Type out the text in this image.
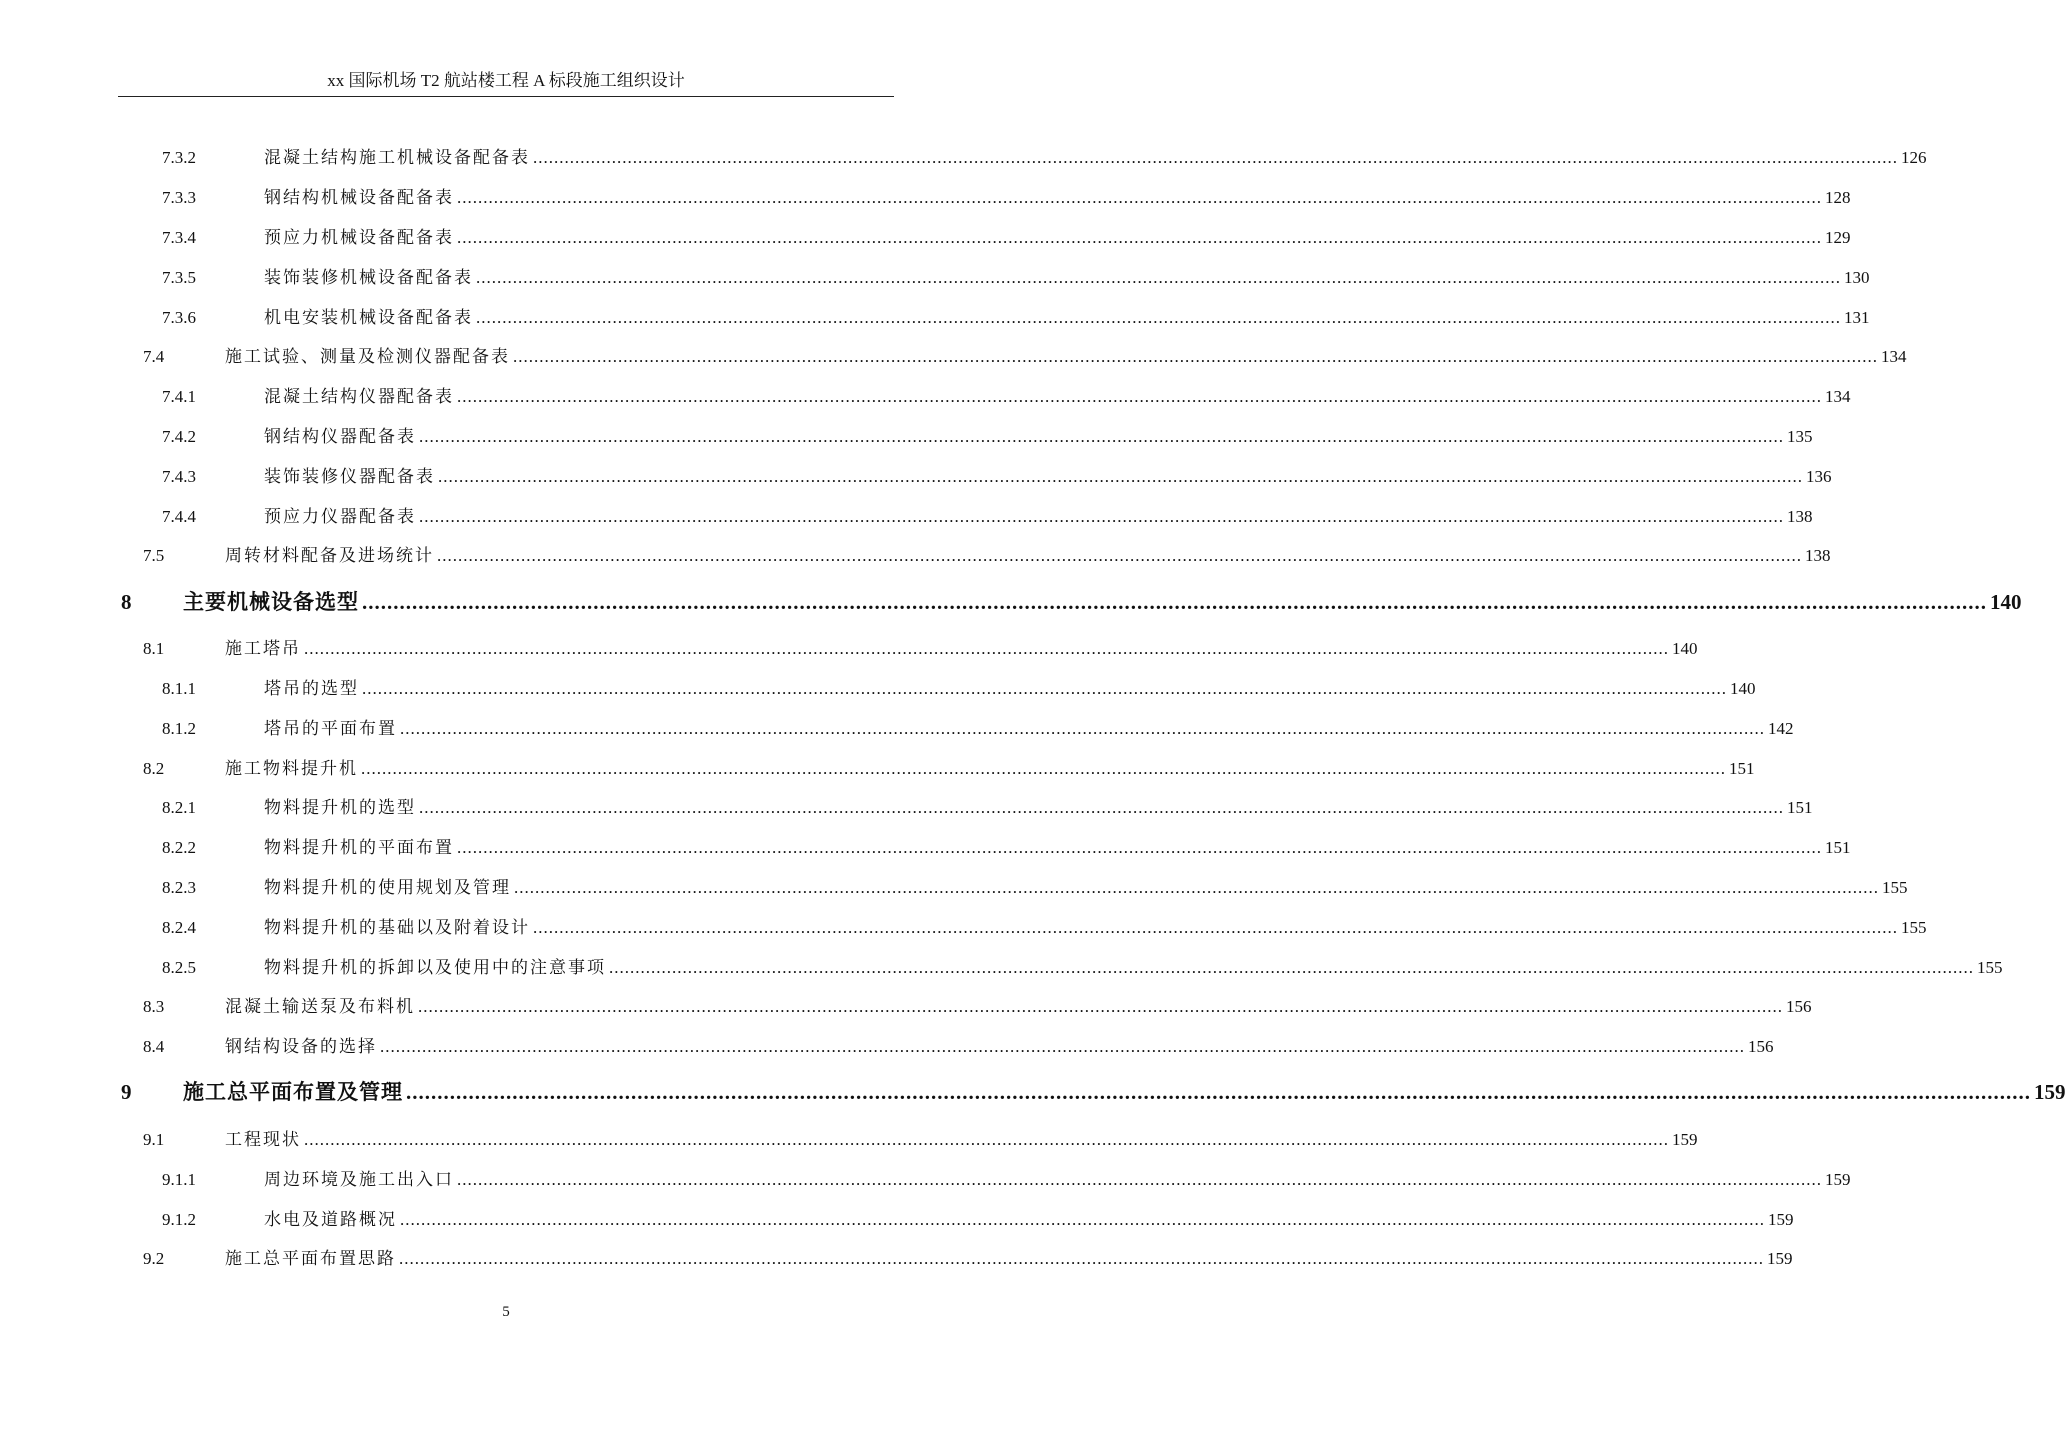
xx 国际机场 T2 航站楼工程 A 标段施工组织设计
7.3.2	混凝土结构施工机械设备配备表 .................................................................................................................................................................................................................................................................... 126
7.3.3	钢结构机械设备配备表 .................................................................................................................................................................................................................................................................... 128
7.3.4	预应力机械设备配备表 .................................................................................................................................................................................................................................................................... 129
7.3.5	装饰装修机械设备配备表 .................................................................................................................................................................................................................................................................... 130
7.3.6	机电安装机械设备配备表 .................................................................................................................................................................................................................................................................... 131
7.4	施工试验、测量及检测仪器配备表 .................................................................................................................................................................................................................................................................... 134
7.4.1	混凝土结构仪器配备表 .................................................................................................................................................................................................................................................................... 134
7.4.2	钢结构仪器配备表 .................................................................................................................................................................................................................................................................... 135
7.4.3	装饰装修仪器配备表 .................................................................................................................................................................................................................................................................... 136
7.4.4	预应力仪器配备表 .................................................................................................................................................................................................................................................................... 138
7.5	周转材料配备及进场统计 .................................................................................................................................................................................................................................................................... 138
8	主要机械设备选型 .................................................................................................................................................................................................................................................................... 140
8.1	施工塔吊 .................................................................................................................................................................................................................................................................... 140
8.1.1	塔吊的选型 .................................................................................................................................................................................................................................................................... 140
8.1.2	塔吊的平面布置 .................................................................................................................................................................................................................................................................... 142
8.2	施工物料提升机 .................................................................................................................................................................................................................................................................... 151
8.2.1	物料提升机的选型 .................................................................................................................................................................................................................................................................... 151
8.2.2	物料提升机的平面布置 .................................................................................................................................................................................................................................................................... 151
8.2.3	物料提升机的使用规划及管理 .................................................................................................................................................................................................................................................................... 155
8.2.4	物料提升机的基础以及附着设计 .................................................................................................................................................................................................................................................................... 155
8.2.5	物料提升机的拆卸以及使用中的注意事项 .................................................................................................................................................................................................................................................................... 155
8.3	混凝土输送泵及布料机 .................................................................................................................................................................................................................................................................... 156
8.4	钢结构设备的选择 .................................................................................................................................................................................................................................................................... 156
9	施工总平面布置及管理 .................................................................................................................................................................................................................................................................... 159
9.1	工程现状 .................................................................................................................................................................................................................................................................... 159
9.1.1	周边环境及施工出入口 .................................................................................................................................................................................................................................................................... 159
9.1.2	水电及道路概况 .................................................................................................................................................................................................................................................................... 159
9.2	施工总平面布置思路 .................................................................................................................................................................................................................................................................... 159
5
